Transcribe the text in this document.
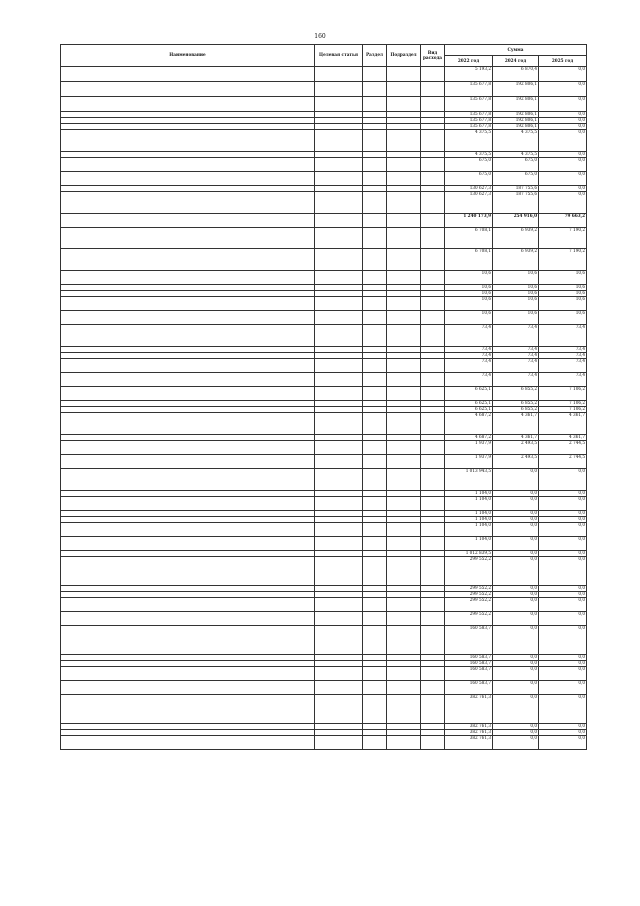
160
Наименование	Целевая статья	Раздел	Подраздел	Вид расхода	Сумма		
					2022 год	2024 год	2025 год
					5 193,2	6 870,4	0,0
					135 677,8	192 806,1	0,0
					135 677,8	192 806,1	0,0
					135 677,8	192 806,1	0,0
					135 677,8	192 806,1	0,0
					135 677,8	192 806,1	0,0
					4 375,5	4 375,5	0,0
					4 375,5	4 375,5	0,0
					675,0	675,0	0,0
					675,0	675,0	0,0
					130 627,3	187 755,6	0,0
					130 627,3	187 755,6	0,0
					1 240 173,9	254 916,0	79 663,2
					6 708,1	6 939,2	7 190,2
					6 708,1	6 939,2	7 190,2
					10,6	10,6	10,6
					10,6	10,6	10,6
					10,6	10,6	10,6
					10,6	10,6	10,6
					10,6	10,6	10,6
					73,4	73,4	73,4
					73,4	73,4	73,4
					73,4	73,4	73,4
					73,4	73,4	73,4
					73,4	73,4	73,4
					6 625,1	6 855,2	7 106,2
					6 625,1	6 855,2	7 106,2
					6 625,1	6 855,2	7 106,2
					4 687,2	4 361,7	4 361,7
					4 687,2	4 361,7	4 361,7
					1 937,9	2 493,5	2 744,5
					1 937,9	2 493,5	2 744,5
					1 013 943,5	0,0	0,0
					1 104,0	0,0	0,0
					1 104,0	0,0	0,0
					1 104,0	0,0	0,0
					1 104,0	0,0	0,0
					1 104,0	0,0	0,0
					1 104,0	0,0	0,0
					1 012 839,5	0,0	0,0
					299 552,2	0,0	0,0
					299 552,2	0,0	0,0
					299 552,2	0,0	0,0
					299 552,2	0,0	0,0
					299 552,2	0,0	0,0
					160 583,7	0,0	0,0
					160 583,7	0,0	0,0
					160 583,7	0,0	0,0
					160 583,7	0,0	0,0
					160 583,7	0,0	0,0
					382 761,3	0,0	0,0
					382 761,3	0,0	0,0
					382 761,3	0,0	0,0
					382 761,3	0,0	0,0
